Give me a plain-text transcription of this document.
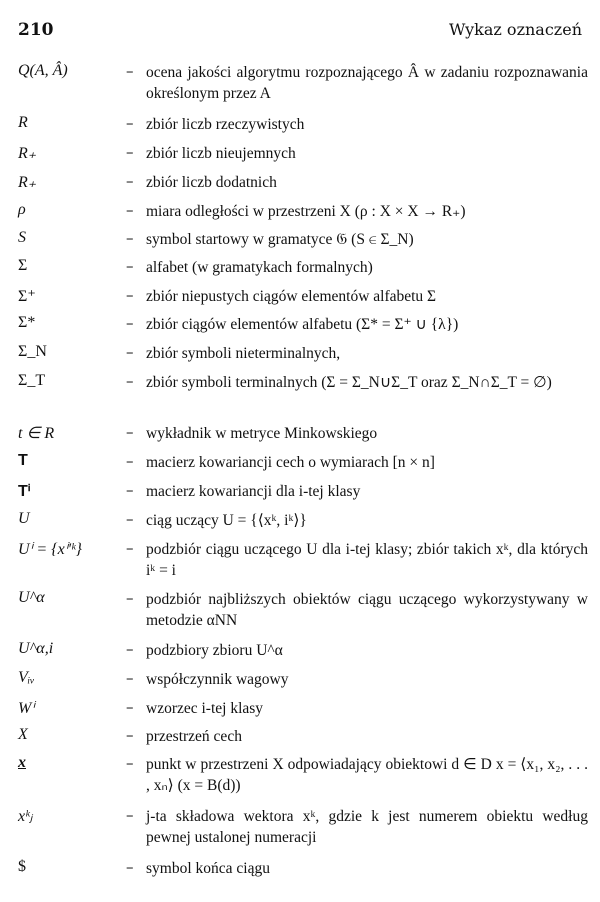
210	Wykaz oznaczeń
Q(A, Â)	– ocena jakości algorytmu rozpoznającego Â w zadaniu rozpoznawania określonym przez A
R	– zbiór liczb rzeczywistych
R₊	– zbiór liczb nieujemnych
R₊	– zbiór liczb dodatnich
ρ	– miara odległości w przestrzeni X (ρ : X × X → R₊)
S	– symbol startowy w gramatyce 𝔊 (S ∈ Σ_N)
Σ	– alfabet (w gramatykach formalnych)
Σ⁺	– zbiór niepustych ciągów elementów alfabetu Σ
Σ*	– zbiór ciągów elementów alfabetu (Σ* = Σ⁺ ∪ {λ})
Σ_N	– zbiór symboli nieterminalnych,
Σ_T	– zbiór symboli terminalnych (Σ = Σ_N∪Σ_T oraz Σ_N∩Σ_T = ∅)
t ∈ R	– wykładnik w metryce Minkowskiego
T	– macierz kowariancji cech o wymiarach [n × n]
Tⁱ	– macierz kowariancji dla i-tej klasy
U	– ciąg uczący U = {⟨xᵏ, iᵏ⟩}
Uⁱ = {xⁱ'ᵏ}	– podzbiór ciągu uczącego U dla i-tej klasy; zbiór takich xᵏ, dla których iᵏ = i
U^α	– podzbiór najbliższych obiektów ciągu uczącego wykorzystywany w metodzie αNN
U^α,i	– podzbiory zbioru U^α
Vᵢᵥ	– współczynnik wagowy
Wⁱ	– wzorzec i-tej klasy
X	– przestrzeń cech
x	– punkt w przestrzeni X odpowiadający obiektowi d ∈ D x = ⟨x₁, x₂, . . . , xₙ⟩ (x = B(d))
xᵏⱼ	– j-ta składowa wektora xᵏ, gdzie k jest numerem obiektu według pewnej ustalonej numeracji
$	– symbol końca ciągu
